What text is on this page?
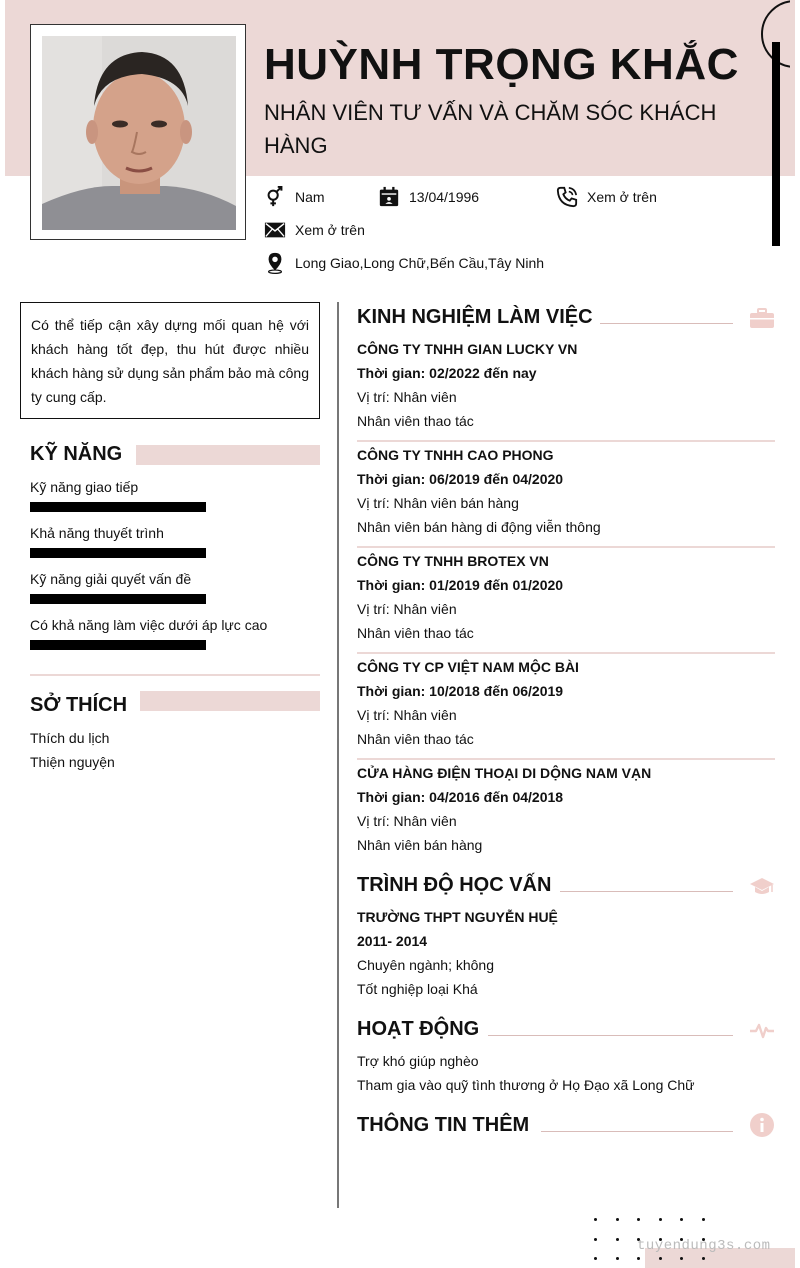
HUỲNH TRỌNG KHẮC
NHÂN VIÊN TƯ VẤN VÀ CHĂM SÓC KHÁCH HÀNG
Nam	13/04/1996	Xem ở trên
Xem ở trên
Long Giao,Long Chữ,Bến Cầu,Tây Ninh
Có thể tiếp cận xây dựng mối quan hệ với khách hàng tốt đẹp, thu hút được nhiều khách hàng sử dụng sản phẩm bảo mà công ty cung cấp.
KỸ NĂNG
Kỹ năng giao tiếp
Khả năng thuyết trình
Kỹ năng giải quyết vấn đề
Có khả năng làm việc dưới áp lực cao
SỞ THÍCH
Thích du lịch
Thiện nguyện
KINH NGHIỆM LÀM VIỆC
CÔNG TY TNHH GIAN LUCKY VN
Thời gian: 02/2022 đến nay
Vị trí: Nhân viên
Nhân viên thao tác
CÔNG TY TNHH CAO PHONG
Thời gian: 06/2019 đến 04/2020
Vị trí: Nhân viên bán hàng
Nhân viên bán hàng di động viễn thông
CÔNG TY TNHH BROTEX VN
Thời gian: 01/2019 đến 01/2020
Vị trí: Nhân viên
Nhân viên thao tác
CÔNG TY CP VIỆT NAM MỘC BÀI
Thời gian: 10/2018 đến 06/2019
Vị trí: Nhân viên
Nhân viên thao tác
CỬA HÀNG ĐIỆN THOẠI DI DỘNG NAM VẠN
Thời gian: 04/2016 đến 04/2018
Vị trí: Nhân viên
Nhân viên bán hàng
TRÌNH ĐỘ HỌC VẤN
TRƯỜNG THPT NGUYỄN HUỆ
2011- 2014
Chuyên ngành; không
Tốt nghiệp loại Khá
HOẠT ĐỘNG
Trợ khó giúp nghèo
Tham gia vào quỹ tình thương ở Họ Đạo xã Long Chữ
THÔNG TIN THÊM
tuyendung3s.com
